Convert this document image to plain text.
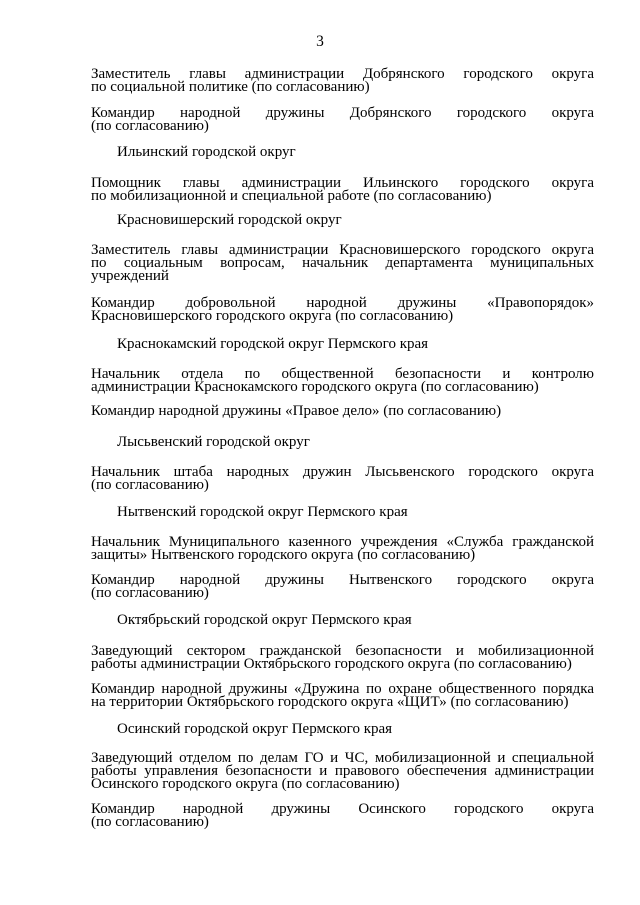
3
Заместитель главы администрации Добрянского городского округа
по социальной политике (по согласованию)
Командир народной дружины Добрянского городского округа
(по согласованию)
Ильинский городской округ
Помощник главы администрации Ильинского городского округа
по мобилизационной и специальной работе (по согласованию)
Красновишерский городской округ
Заместитель главы администрации Красновишерского городского округа
по социальным вопросам, начальник департамента муниципальных
учреждений
Командир добровольной народной дружины «Правопорядок»
Красновишерского городского округа (по согласованию)
Краснокамский городской округ Пермского края
Начальник отдела по общественной безопасности и контролю
администрации Краснокамского городского округа (по согласованию)
Командир народной дружины «Правое дело» (по согласованию)
Лысьвенский городской округ
Начальник штаба народных дружин Лысьвенского городского округа
(по согласованию)
Нытвенский городской округ Пермского края
Начальник Муниципального казенного учреждения «Служба гражданской
защиты» Нытвенского городского округа (по согласованию)
Командир народной дружины Нытвенского городского округа
(по согласованию)
Октябрьский городской округ Пермского края
Заведующий сектором гражданской безопасности и мобилизационной
работы администрации Октябрьского городского округа (по согласованию)
Командир народной дружины «Дружина по охране общественного порядка
на территории Октябрьского городского округа «ЩИТ» (по согласованию)
Осинский городской округ Пермского края
Заведующий отделом по делам ГО и ЧС, мобилизационной и специальной
работы управления безопасности и правового обеспечения администрации
Осинского городского округа (по согласованию)
Командир народной дружины Осинского городского округа
(по согласованию)
